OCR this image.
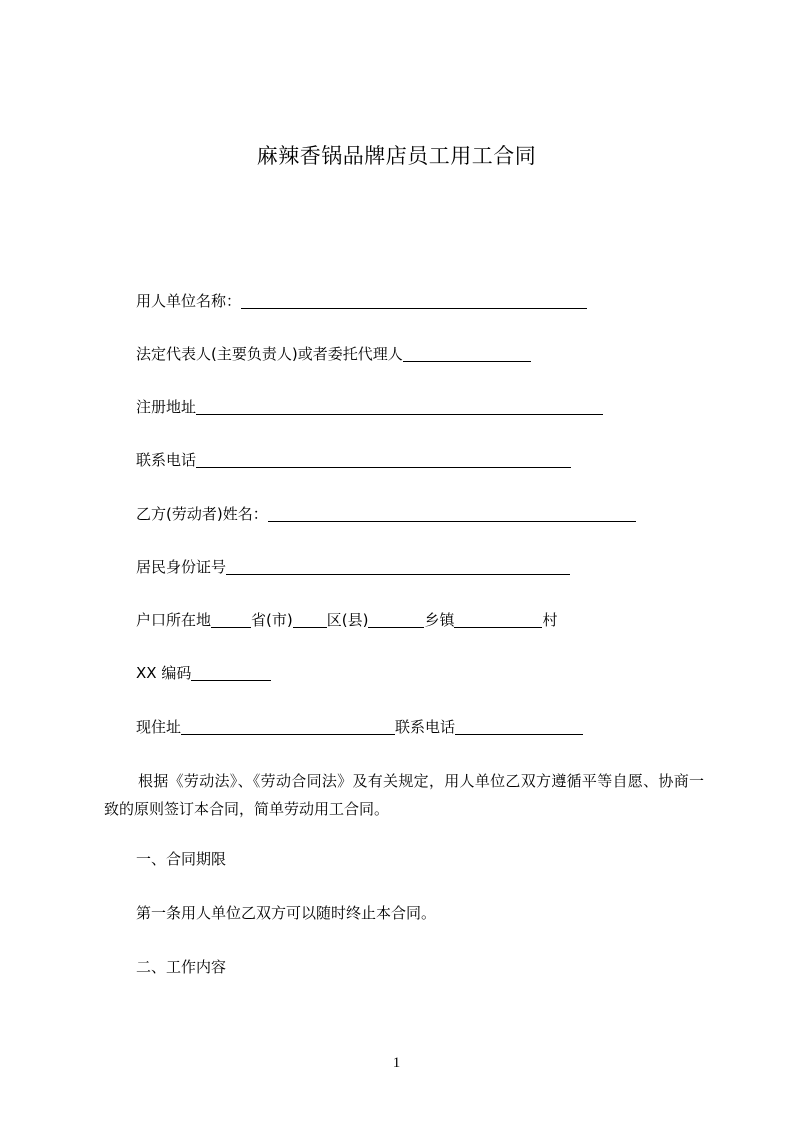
麻辣香锅品牌店员工用工合同
用人单位名称：
法定代表人(主要负责人)或者委托代理人
注册地址
联系电话
乙方(劳动者)姓名：
居民身份证号
户口所在地	省(市) 区(县)	乡镇	村
XX 编码
现住址	联系电话
根据《劳动法》、《劳动合同法》及有关规定，用人单位乙双方遵循平等自愿、协商一致的原则签订本合同，简单劳动用工合同。
一、合同期限
第一条用人单位乙双方可以随时终止本合同。
二、工作内容
1
